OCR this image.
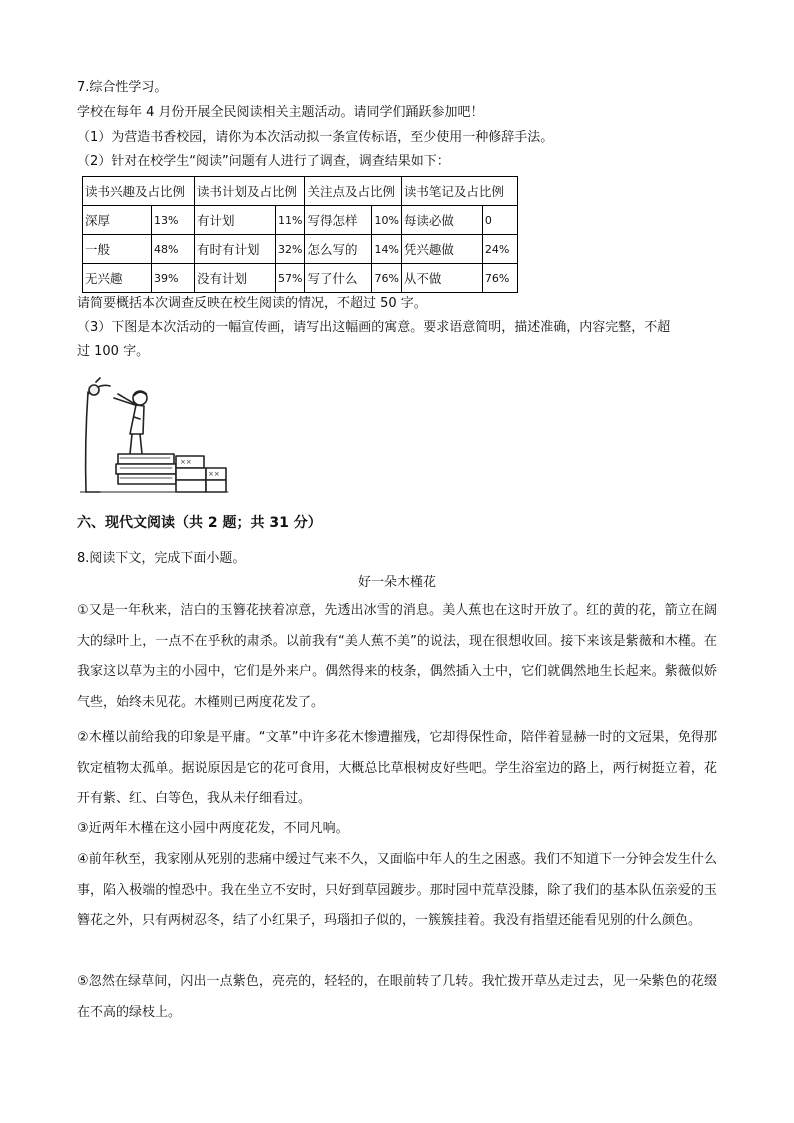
7.综合性学习。
学校在每年 4 月份开展全民阅读相关主题活动。请同学们踊跃参加吧！
（1）为营造书香校园，请你为本次活动拟一条宣传标语，至少使用一种修辞手法。
（2）针对在校学生“阅读”问题有人进行了调查，调查结果如下：
读书兴趣及占比例		读书计划及占比例		关注点及占比例		读书笔记及占比例	
深厚	13%	有计划	11%	写得怎样	10%	每读必做	0
一般	48%	有时有计划	32%	怎么写的	14%	凭兴趣做	24%
无兴趣	39%	没有计划	57%	写了什么	76%	从不做	76%
请简要概括本次调查反映在校生阅读的情况，不超过 50 字。
（3）下图是本次活动的一幅宣传画，请写出这幅画的寓意。要求语意简明，描述准确，内容完整，不超
过 100 字。
××
××
六、现代文阅读（共 2 题；共 31 分）
8.阅读下文，完成下面小题。
好一朵木槿花
①又是一年秋来，洁白的玉簪花挟着凉意，先透出冰雪的消息。美人蕉也在这时开放了。红的黄的花，箭立在阔大的绿叶上，一点不在乎秋的肃杀。以前我有“美人蕉不美”的说法，现在很想收回。接下来该是紫薇和木槿。在我家这以草为主的小园中，它们是外来户。偶然得来的枝条，偶然插入土中，它们就偶然地生长起来。紫薇似娇气些，始终未见花。木槿则已两度花发了。
②木槿以前给我的印象是平庸。“文革”中许多花木惨遭摧残，它却得保性命，陪伴着显赫一时的文冠果，免得那钦定植物太孤单。据说原因是它的花可食用，大概总比草根树皮好些吧。学生浴室边的路上，两行树挺立着，花开有紫、红、白等色，我从未仔细看过。
③近两年木槿在这小园中两度花发，不同凡响。
④前年秋至，我家刚从死别的悲痛中缓过气来不久，又面临中年人的生之困惑。我们不知道下一分钟会发生什么事，陷入极端的惶恐中。我在坐立不安时，只好到草园踱步。那时园中荒草没膝，除了我们的基本队伍亲爱的玉簪花之外，只有两树忍冬，结了小红果子，玛瑙扣子似的，一簇簇挂着。我没有指望还能看见别的什么颜色。
⑤忽然在绿草间，闪出一点紫色，亮亮的，轻轻的，在眼前转了几转。我忙拨开草丛走过去，见一朵紫色的花缀在不高的绿枝上。
